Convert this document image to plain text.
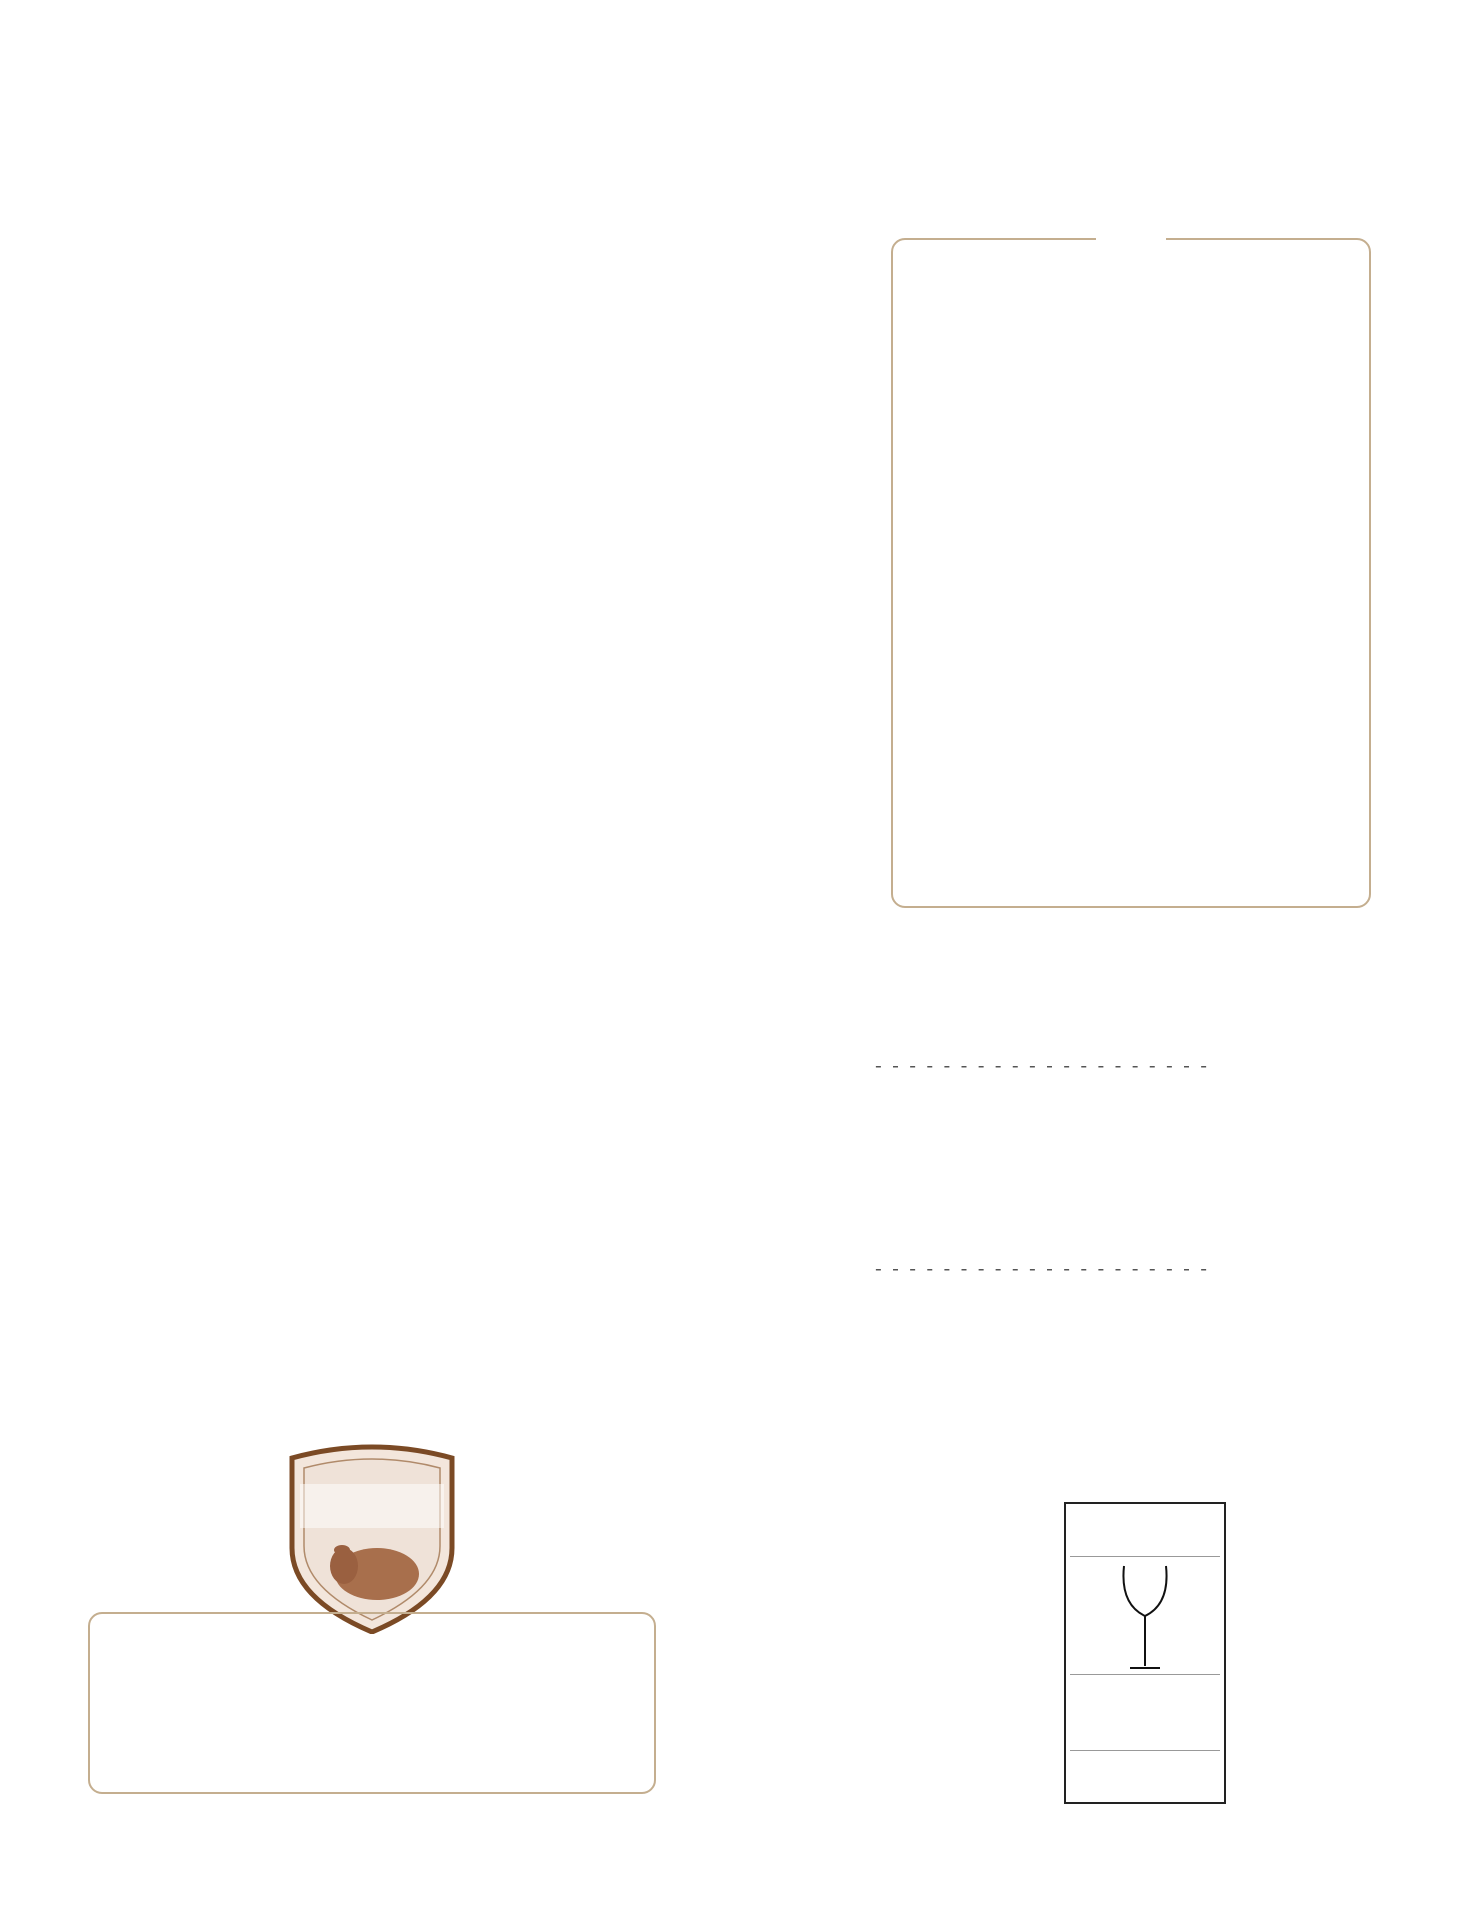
- - - - - - - - - - - - - - - - - - - -
- - - - - - - - - - - - - - - - - - - -
